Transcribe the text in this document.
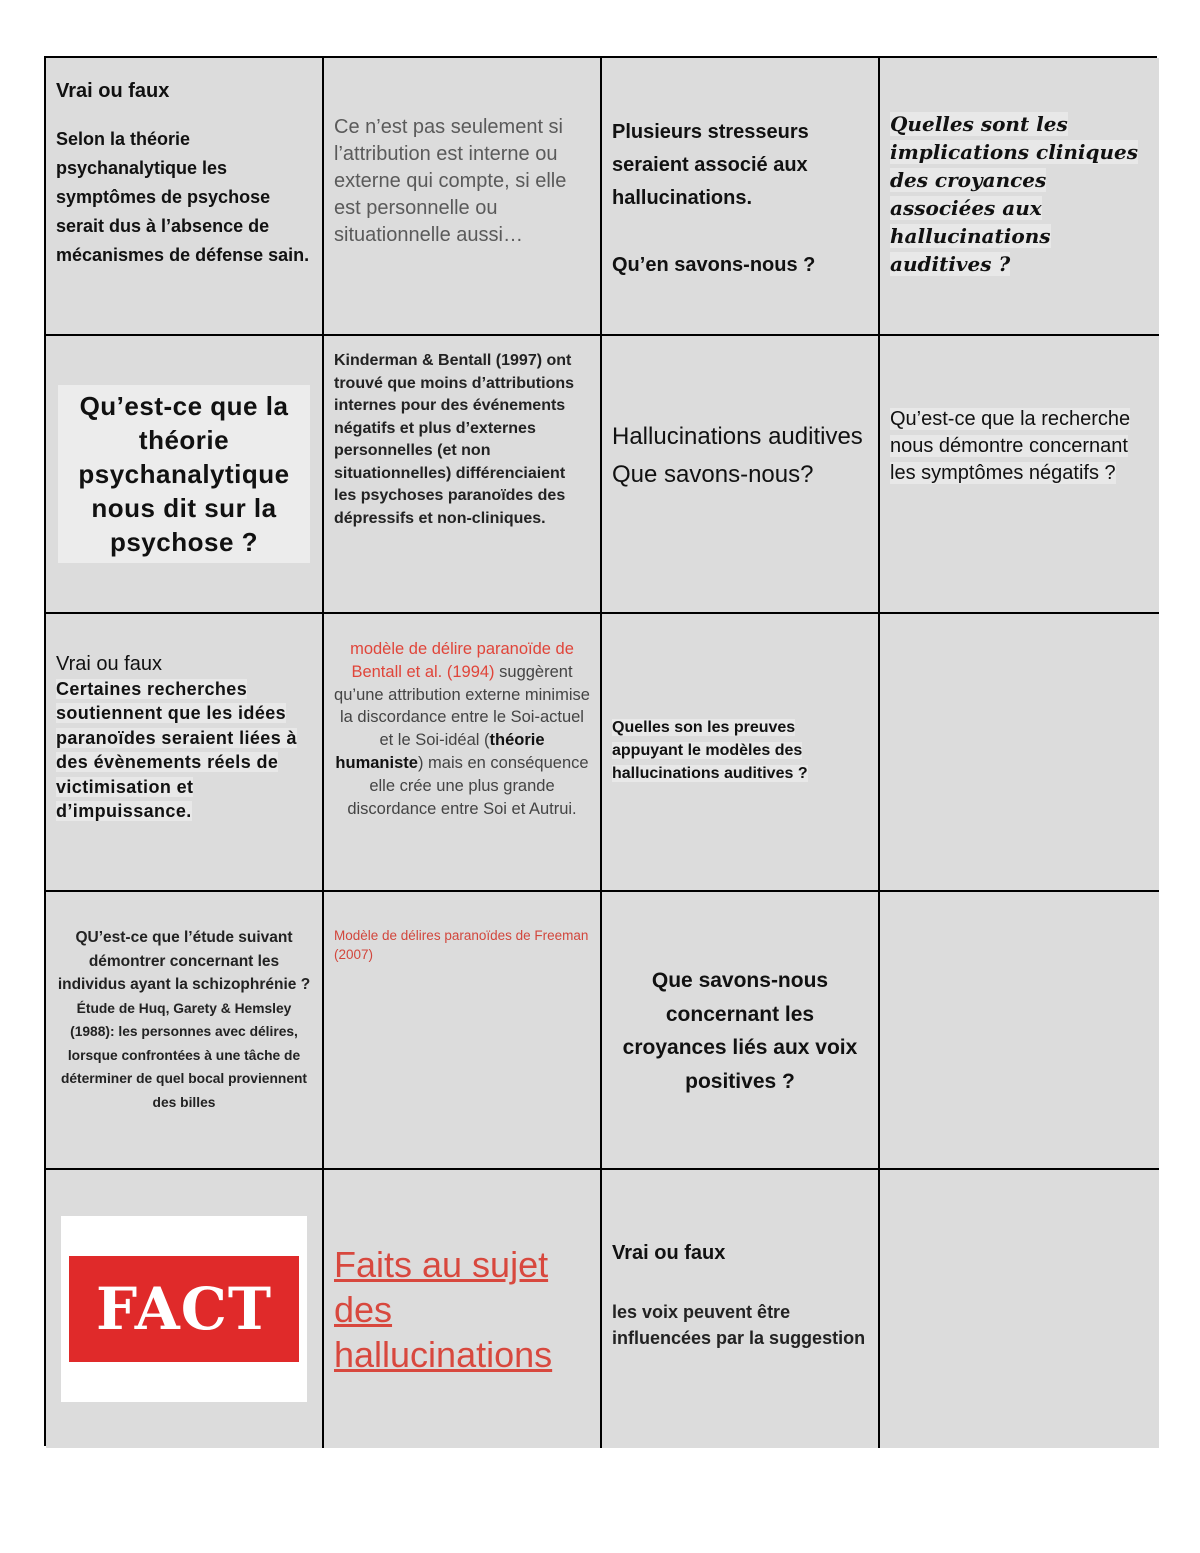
Vrai ou faux
Selon la théorie psychanalytique les symptômes de psychose serait dus à l’absence de mécanismes de défense sain.
Ce n’est pas seulement si l’attribution est interne ou externe qui compte, si elle est personnelle ou situationnelle aussi…
Plusieurs stresseurs seraient associé aux hallucinations.
Qu’en savons-nous ?
Quelles sont les implications cliniques des croyances associées aux hallucinations auditives ?
Qu’est-ce que la théorie psychanalytique nous dit sur la psychose ?
Kinderman & Bentall (1997) ont trouvé que moins d’attributions internes pour des événements négatifs et plus d’externes personnelles (et non situationnelles) différenciaient les psychoses paranoïdes des dépressifs et non-cliniques.
Hallucinations auditives
Que savons-nous?
Qu’est-ce que la recherche nous démontre concernant les symptômes négatifs ?
Vrai ou faux
Certaines recherches soutiennent que les idées paranoïdes seraient liées à des évènements réels de victimisation et d’impuissance.
modèle de délire paranoïde de Bentall et al. (1994) suggèrent qu’une attribution externe minimise la discordance entre le Soi-actuel et le Soi-idéal (théorie humaniste) mais en conséquence elle crée une plus grande discordance entre Soi et Autrui.
Quelles son les preuves appuyant le modèles des hallucinations auditives ?
QU’est-ce que l’étude suivant démontrer concernant les individus ayant la schizophrénie ?
Étude de Huq, Garety & Hemsley (1988): les personnes avec délires, lorsque confrontées à une tâche de déterminer de quel bocal proviennent des billes
Modèle de délires paranoïdes de Freeman (2007)
Que savons-nous concernant les croyances liés aux voix positives ?
FACT
Faits au sujet des hallucinations
Vrai ou faux
les voix peuvent être influencées par la suggestion
